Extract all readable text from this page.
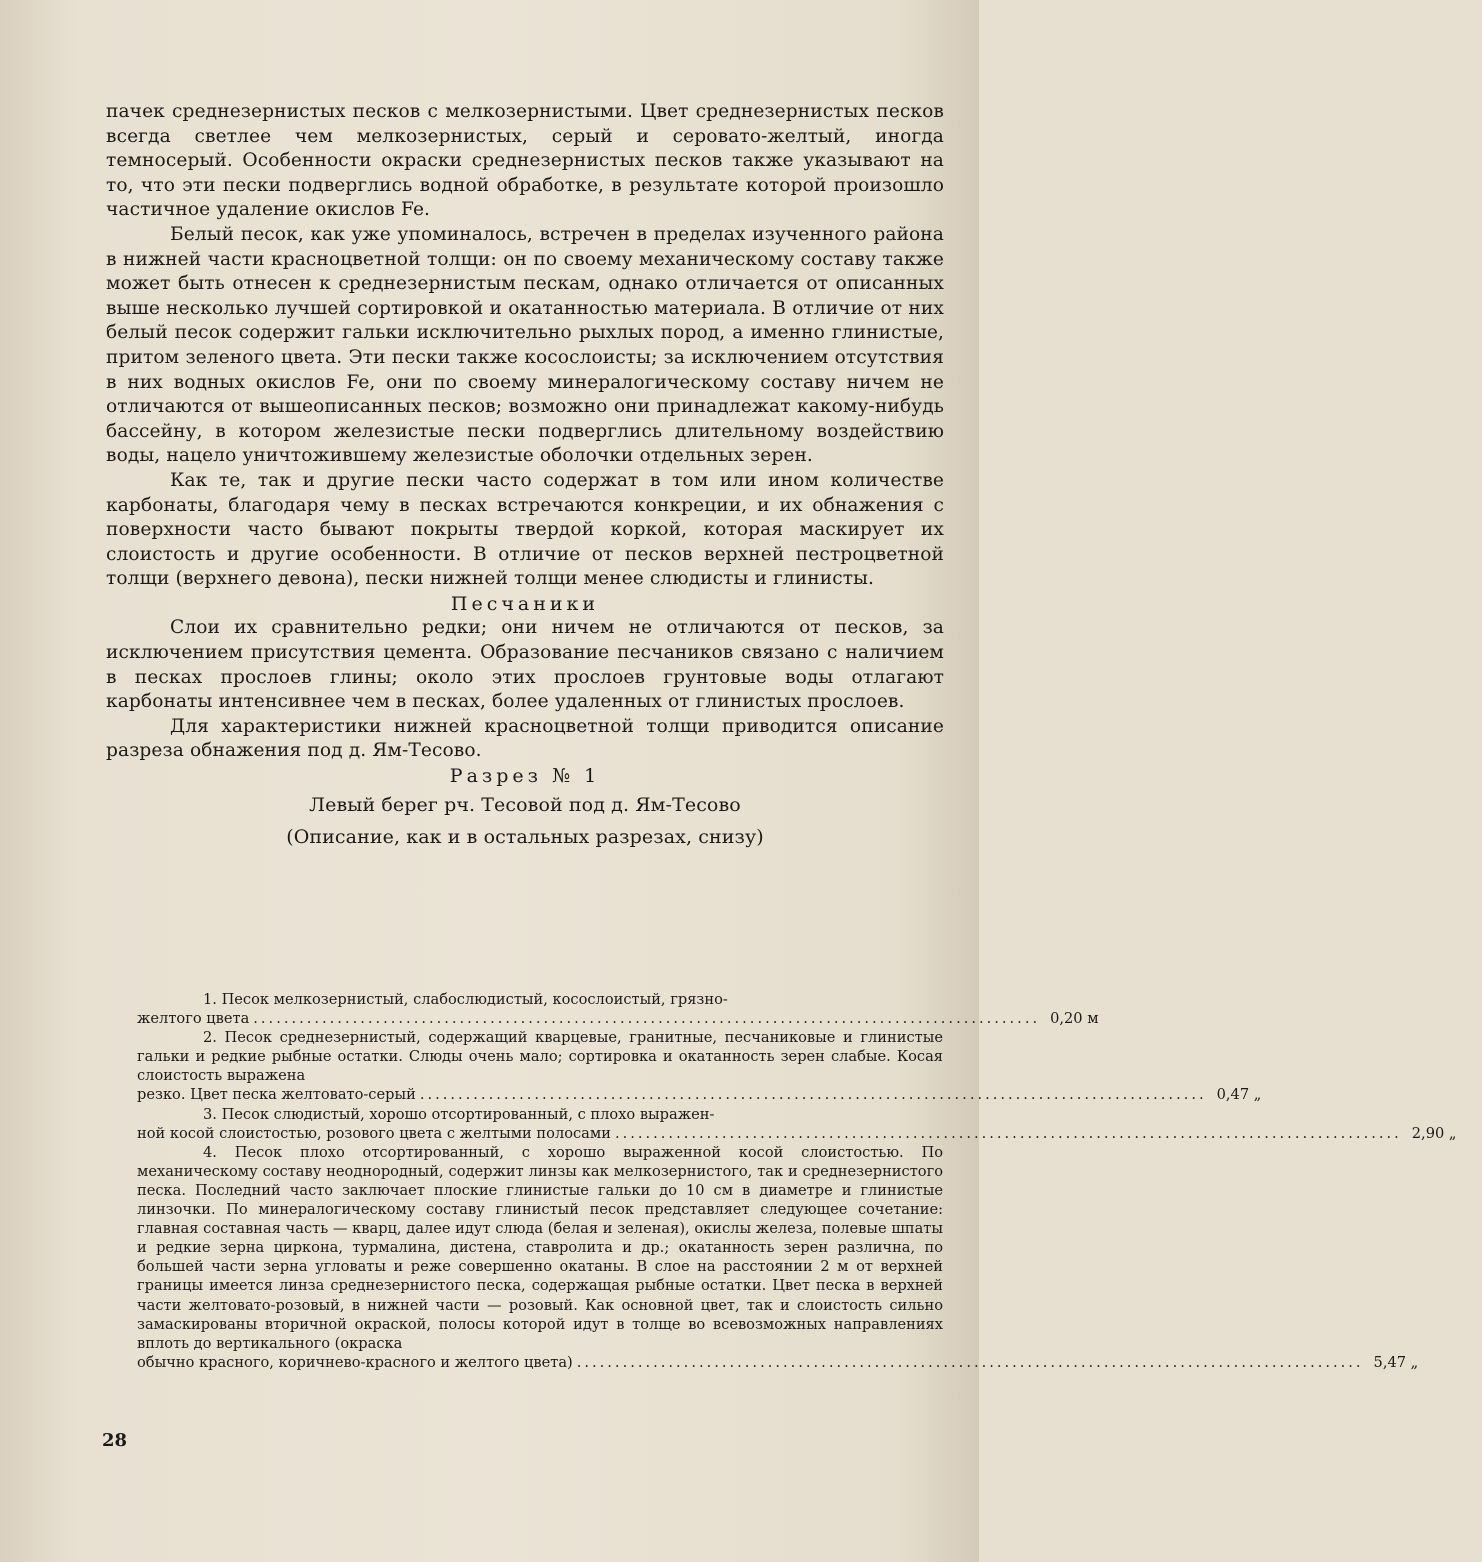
пачек среднезернистых песков с мелкозернистыми. Цвет среднезернистых песков всегда светлее чем мелкозернистых, серый и серовато-желтый, иногда темносерый. Особенности окраски среднезернистых песков также указывают на то, что эти пески подверглись водной обработке, в результате которой произошло частичное удаление окислов Fe.

Белый песок, как уже упоминалось, встречен в пределах изученного района в нижней части красноцветной толщи: он по своему механическому составу также может быть отнесен к среднезернистым пескам, однако отличается от описанных выше несколько лучшей сортировкой и окатанностью материала. В отличие от них белый песок содержит гальки исключительно рыхлых пород, а именно глинистые, притом зеленого цвета. Эти пески также косослоисты; за исключением отсутствия в них водных окислов Fe, они по своему минералогическому составу ничем не отличаются от вышеописанных песков; возможно они принадлежат какому-нибудь бассейну, в котором железистые пески подверглись длительному воздействию воды, нацело уничтожившему железистые оболочки отдельных зерен.

Как те, так и другие пески часто содержат в том или ином количестве карбонаты, благодаря чему в песках встречаются конкреции, и их обнажения с поверхности часто бывают покрыты твердой коркой, которая маскирует их слоистость и другие особенности. В отличие от песков верхней пестроцветной толщи (верхнего девона), пески нижней толщи менее слюдисты и глинисты.

Песчаники

Слои их сравнительно редки; они ничем не отличаются от песков, за исключением присутствия цемента. Образование песчаников связано с наличием в песках прослоев глины; около этих прослоев грунтовые воды отлагают карбонаты интенсивнее чем в песках, более удаленных от глинистых прослоев.

Для характеристики нижней красноцветной толщи приводится описание разреза обнажения под д. Ям-Тесово.

Разрез № 1

Левый берег рч. Тесовой под д. Ям-Тесово

(Описание, как и в остальных разрезах, снизу)

1. Песок мелкозернистый, слабослюдистый, косослоистый, грязно-
желтого цвета ....................................................................................................... 0,20 м
2. Песок среднезернистый, содержащий кварцевые, гранитные, песчаниковые и глинистые гальки и редкие рыбные остатки. Слюды очень мало; сортировка и окатанность зерен слабые. Косая слоистость выражена
резко. Цвет песка желтовато-серый ....................................................................................................... 0,47 „
3. Песок слюдистый, хорошо отсортированный, с плохо выражен-
ной косой слоистостью, розового цвета с желтыми полосами ....................................................................................................... 2,90 „
4. Песок плохо отсортированный, с хорошо выраженной косой слоистостью. По механическому составу неоднородный, содержит линзы как мелкозернистого, так и среднезернистого песка. Последний часто заключает плоские глинистые гальки до 10 см в диаметре и глинистые линзочки. По минералогическому составу глинистый песок представляет следующее сочетание: главная составная часть — кварц, далее идут слюда (белая и зеленая), окислы железа, полевые шпаты и редкие зерна циркона, турмалина, дистена, ставролита и др.; окатанность зерен различна, по большей части зерна угловаты и реже совершенно окатаны. В слое на расстоянии 2 м от верхней границы имеется линза среднезернистого песка, содержащая рыбные остатки. Цвет песка в верхней части желтовато-розовый, в нижней части — розовый. Как основной цвет, так и слоистость сильно замаскированы вторичной окраской, полосы которой идут в толще во всевозможных направлениях вплоть до вертикального (окраска
обычно красного, коричнево-красного и желтого цвета) ....................................................................................................... 5,47 „
28
